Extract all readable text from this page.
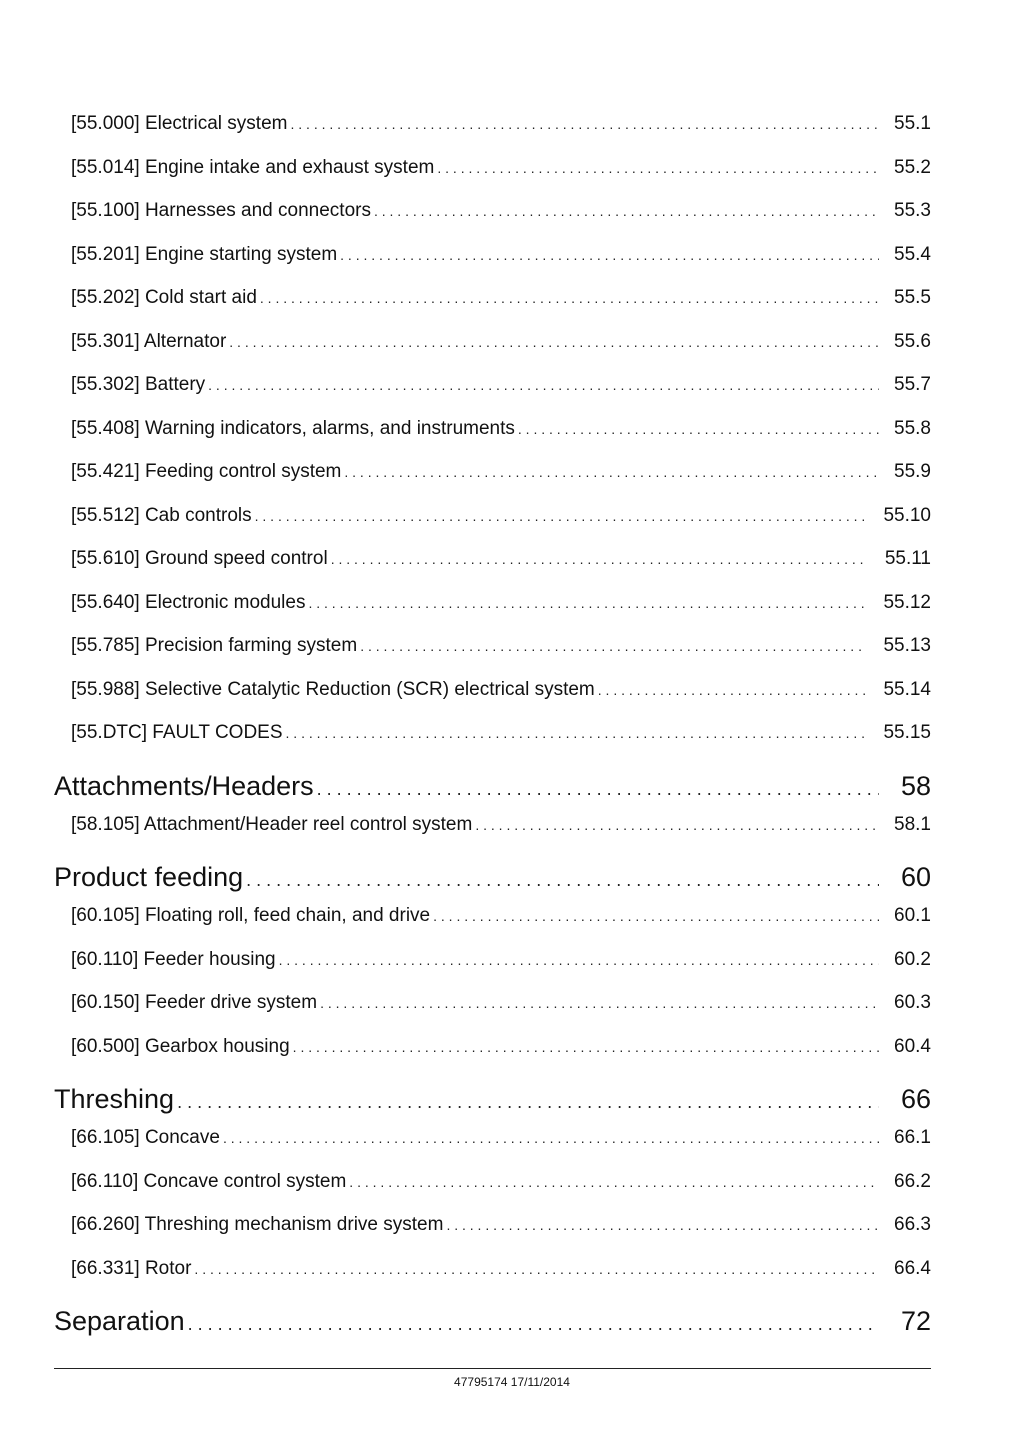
[55.000] Electrical system . . .	55.1
[55.014] Engine intake and exhaust system . . .	55.2
[55.100] Harnesses and connectors . . .	55.3
[55.201] Engine starting system . . .	55.4
[55.202] Cold start aid . . .	55.5
[55.301] Alternator . . .	55.6
[55.302] Battery . . .	55.7
[55.408] Warning indicators, alarms, and instruments . . .	55.8
[55.421] Feeding control system . . .	55.9
[55.512] Cab controls . . .	55.10
[55.610] Ground speed control . . .	55.11
[55.640] Electronic modules . . .	55.12
[55.785] Precision farming system . . .	55.13
[55.988] Selective Catalytic Reduction (SCR) electrical system . . .	55.14
[55.DTC] FAULT CODES . . .	55.15
Attachments/Headers . . .	58
[58.105] Attachment/Header reel control system . . .	58.1
Product feeding . . .	60
[60.105] Floating roll, feed chain, and drive . . .	60.1
[60.110] Feeder housing . . .	60.2
[60.150] Feeder drive system . . .	60.3
[60.500] Gearbox housing . . .	60.4
Threshing . . .	66
[66.105] Concave . . .	66.1
[66.110] Concave control system . . .	66.2
[66.260] Threshing mechanism drive system . . .	66.3
[66.331] Rotor . . .	66.4
Separation . . .	72
47795174 17/11/2014
